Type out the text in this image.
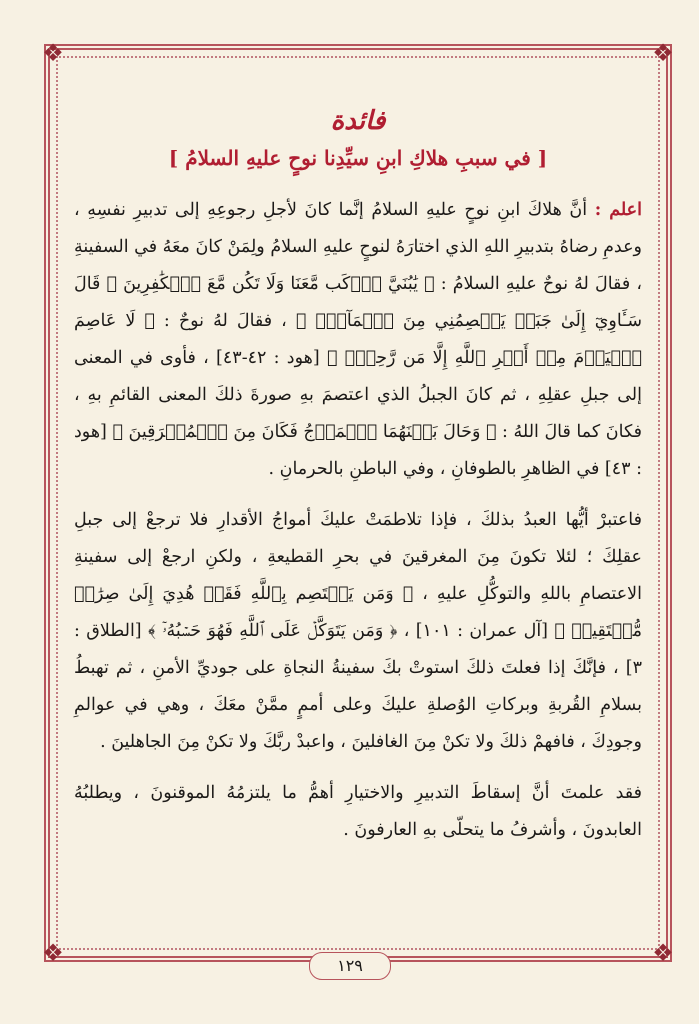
❖	❖
❖	❖
فائدة
[ في سببِ هلاكِ ابنِ سيِّدِنا نوحٍ عليهِ السلامُ ]

اعلم : أنَّ هلاكَ ابنِ نوحٍ عليهِ السلامُ إنَّما كانَ لأجلِ رجوعِهِ إلى تدبيرِ نفسِهِ ، وعدمِ رضاهُ بتدبيرِ اللهِ الذي اختارَهُ لنوحٍ عليهِ السلامُ ولِمَنْ كانَ معَهُ في السفينةِ ، فقالَ لهُ نوحٌ عليهِ السلامُ : ﴿ يَٰبُنَيَّ ٱرۡكَب مَّعَنَا وَلَا تَكُن مَّعَ ٱلۡكَٰفِرِينَ ﴾ قَالَ سَـَٔاوِيٓ إِلَىٰ جَبَلٖ يَعۡصِمُنِي مِنَ ٱلۡمَآءِۚ ﴾ ، فقالَ لهُ نوحٌ : ﴿ لَا عَاصِمَ ٱلۡيَوۡمَ مِنۡ أَمۡرِ ٱللَّهِ إِلَّا مَن رَّحِمَۚ ﴾ [هود : ٤٢-٤٣] ، فأوى في المعنى إلى جبلِ عقلِهِ ، ثم كانَ الجبلُ الذي اعتصمَ بهِ صورةَ ذلكَ المعنى القائمِ بهِ ، فكانَ كما قالَ اللهُ : ﴿ وَحَالَ بَيۡنَهُمَا ٱلۡمَوۡجُ فَكَانَ مِنَ ٱلۡمُغۡرَقِينَ ﴾ [هود : ٤٣] في الظاهرِ بالطوفانِ ، وفي الباطنِ بالحرمانِ .

فاعتبرْ أيُّها العبدُ بذلكَ ، فإذا تلاطمَتْ عليكَ أمواجُ الأقدارِ فلا ترجعْ إلى جبلِ عقلِكَ ؛ لئلا تكونَ مِنَ المغرقينَ في بحرِ القطيعةِ ، ولكنِ ارجعْ إلى سفينةِ الاعتصامِ باللهِ والتوكُّلِ عليهِ ، ﴿ وَمَن يَعۡتَصِم بِٱللَّهِ فَقَدۡ هُدِيَ إِلَىٰ صِرَٰطٖ مُّسۡتَقِيمٖ ﴾ [آل عمران : ١٠١] ، ﴿ وَمَن يَتَوَكَّلۡ عَلَى ٱللَّهِ فَهُوَ حَسۡبُهُۥٓ ﴾ [الطلاق : ٣] ، فإنَّكَ إذا فعلتَ ذلكَ استوتْ بكَ سفينةُ النجاةِ على جوديِّ الأمنِ ، ثم تهبطُ بسلامِ القُربةِ وبركاتِ الوُصلةِ عليكَ وعلى أممٍ ممَّنْ معَكَ ، وهي في عوالمِ وجودِكَ ، فافهمْ ذلكَ ولا تكنْ مِنَ الغافلينَ ، واعبدْ ربَّكَ ولا تكنْ مِنَ الجاهلينَ .

فقد علمتَ أنَّ إسقاطَ التدبيرِ والاختيارِ أهمُّ ما يلتزمُهُ الموقنونَ ، ويطلبُهُ العابدونَ ، وأشرفُ ما يتحلّى بهِ العارفونَ .

١٢٩
